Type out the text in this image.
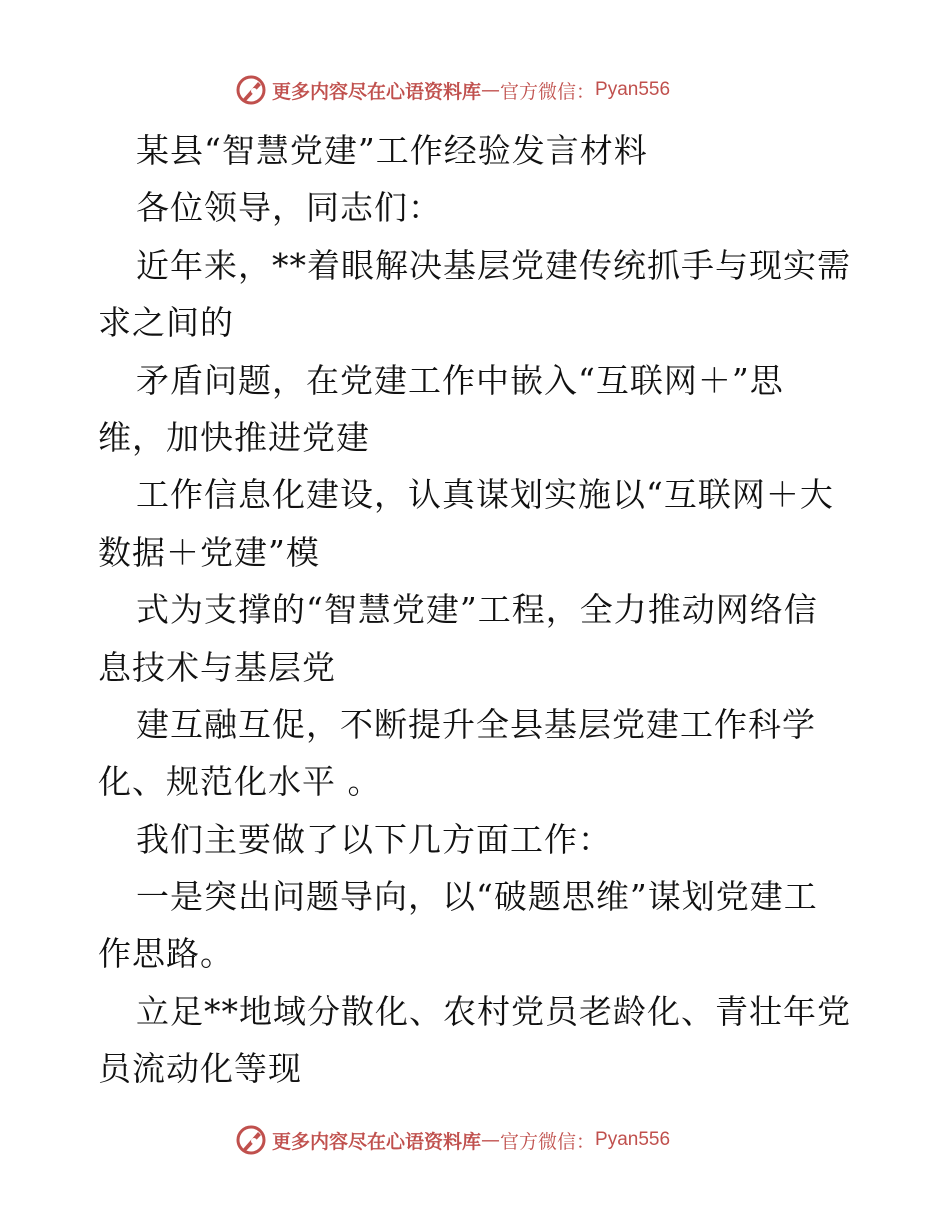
更多内容尽在心语资料库 — 官方微信： Pyan556
某县“智慧党建”工作经验发言材料
各位领导，同志们：
近年来，**着眼解决基层党建传统抓手与现实需
求之间的
矛盾问题，在党建工作中嵌入“互联网＋”思
维，加快推进党建
工作信息化建设，认真谋划实施以“互联网＋大
数据＋党建”模
式为支撑的“智慧党建”工程，全力推动网络信
息技术与基层党
建互融互促，不断提升全县基层党建工作科学
化、规范化水平 。
我们主要做了以下几方面工作：
一是突出问题导向，以“破题思维”谋划党建工
作思路。
立足**地域分散化、农村党员老龄化、青壮年党
员流动化等现
更多内容尽在心语资料库 — 官方微信： Pyan556
